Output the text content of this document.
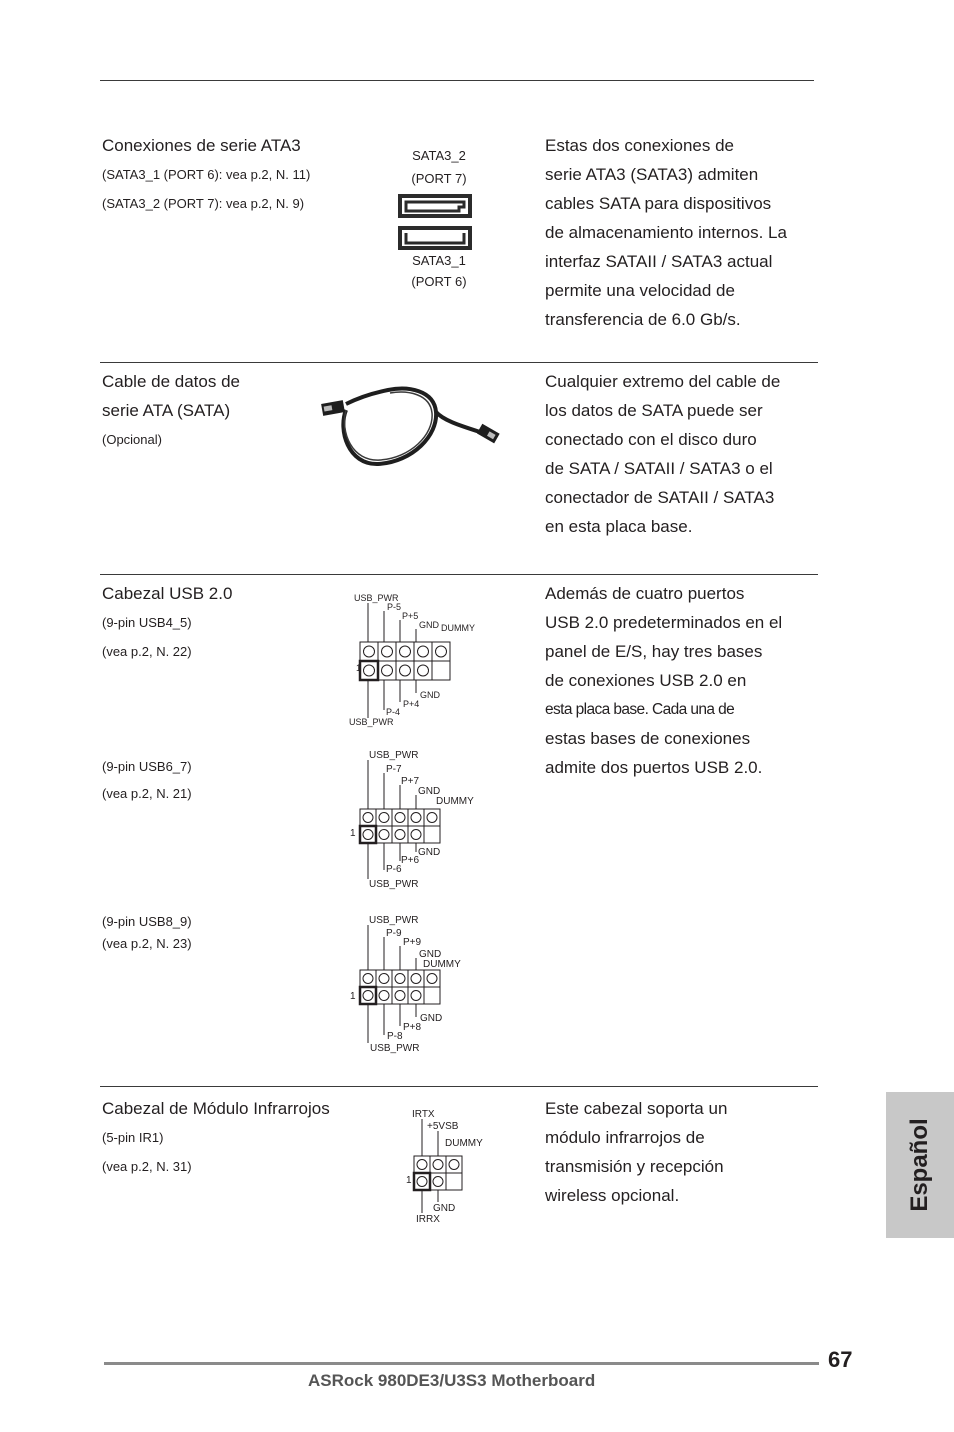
Conexiones de serie ATA3
(SATA3_1 (PORT 6): vea p.2, N. 11)
(SATA3_2 (PORT 7): vea p.2, N. 9)
SATA3_2
(PORT 7)
SATA3_1
(PORT 6)
Estas dos conexiones de
serie ATA3 (SATA3) admiten
cables SATA para dispositivos
de almacenamiento internos. La
interfaz SATAII / SATA3 actual
permite una velocidad de
transferencia de 6.0 Gb/s.
Cable de datos de
serie ATA (SATA)
(Opcional)
Cualquier extremo del cable de
los datos de SATA puede ser
conectado con el disco duro
de SATA / SATAII / SATA3 o el
conectador de SATAII / SATA3
en esta placa base.
Cabezal USB 2.0
(9-pin USB4_5)
(vea p.2, N. 22)
USB_PWR
P-5
P+5
GND DUMMY
1
GND
P+4
P-4
USB_PWR
(9-pin USB6_7)
(vea p.2, N. 21)
USB_PWR
P-7
P+7
GND
DUMMY
1
GND
P+6
P-6
USB_PWR
(9-pin USB8_9)
(vea p.2, N. 23)
USB_PWR
P-9
P+9
GND
DUMMY
1
GND
P+8
P-8
USB_PWR
Además de cuatro puertos
USB 2.0 predeterminados en el
panel de E/S, hay tres bases
de conexiones USB 2.0 en
esta placa base. Cada una de
estas bases de conexiones
admite dos puertos USB 2.0.
Cabezal de Módulo Infrarrojos
(5-pin IR1)
(vea p.2, N. 31)
IRTX
+5VSB
DUMMY
1
GND
IRRX
Este cabezal soporta un
módulo infrarrojos de
transmisión y recepción
wireless opcional.	Español
67
ASRock 980DE3/U3S3 Motherboard
